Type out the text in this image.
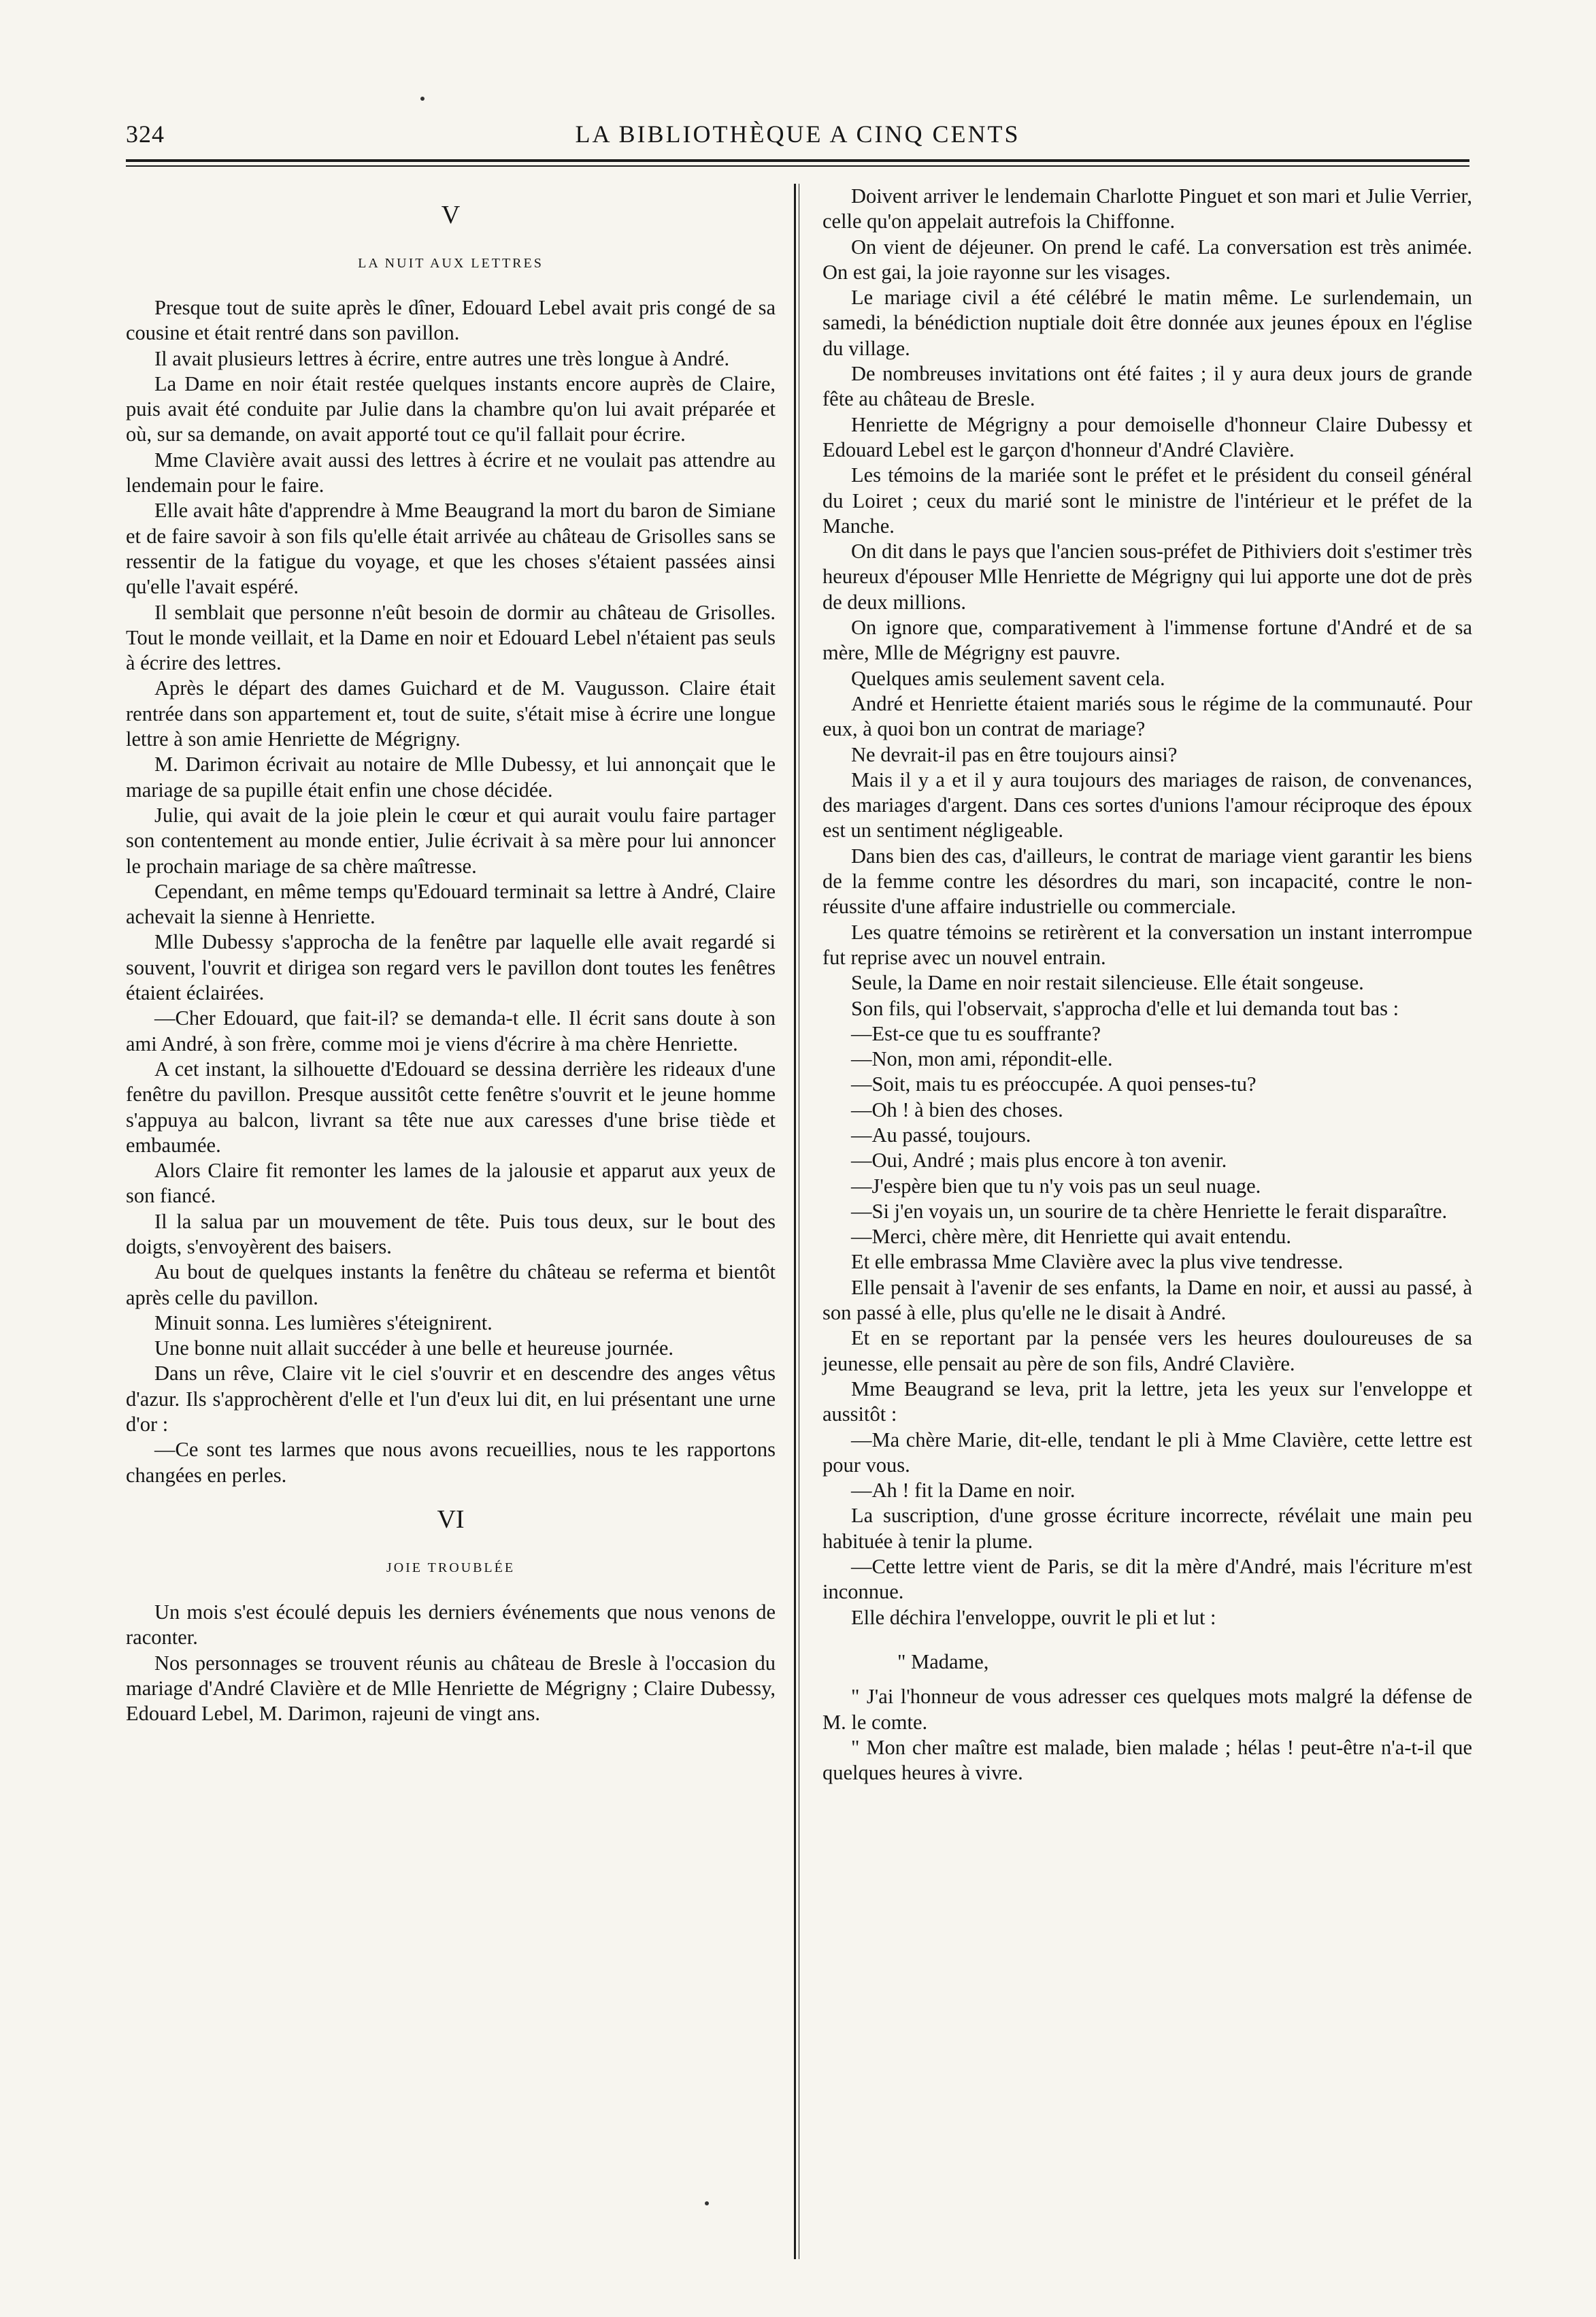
324	LA BIBLIOTHÈQUE A CINQ CENTS
V
LA NUIT AUX LETTRES

Presque tout de suite après le dîner, Edouard Lebel avait pris congé de sa cousine et était rentré dans son pavillon.

Il avait plusieurs lettres à écrire, entre autres une très longue à André.

La Dame en noir était restée quelques instants encore auprès de Claire, puis avait été conduite par Julie dans la chambre qu'on lui avait préparée et où, sur sa demande, on avait apporté tout ce qu'il fallait pour écrire.

Mme Clavière avait aussi des lettres à écrire et ne voulait pas attendre au lendemain pour le faire.

Elle avait hâte d'apprendre à Mme Beaugrand la mort du baron de Simiane et de faire savoir à son fils qu'elle était arrivée au château de Grisolles sans se ressentir de la fatigue du voyage, et que les choses s'étaient passées ainsi qu'elle l'avait espéré.

Il semblait que personne n'eût besoin de dormir au château de Grisolles. Tout le monde veillait, et la Dame en noir et Edouard Lebel n'étaient pas seuls à écrire des lettres.

Après le départ des dames Guichard et de M. Vaugusson. Claire était rentrée dans son appartement et, tout de suite, s'était mise à écrire une longue lettre à son amie Henriette de Mégrigny.

M. Darimon écrivait au notaire de Mlle Dubessy, et lui annonçait que le mariage de sa pupille était enfin une chose décidée.

Julie, qui avait de la joie plein le cœur et qui aurait voulu faire partager son contentement au monde entier, Julie écrivait à sa mère pour lui annoncer le prochain mariage de sa chère maîtresse.

Cependant, en même temps qu'Edouard terminait sa lettre à André, Claire achevait la sienne à Henriette.

Mlle Dubessy s'approcha de la fenêtre par laquelle elle avait regardé si souvent, l'ouvrit et dirigea son regard vers le pavillon dont toutes les fenêtres étaient éclairées.

—Cher Edouard, que fait-il? se demanda-t elle. Il écrit sans doute à son ami André, à son frère, comme moi je viens d'écrire à ma chère Henriette.

A cet instant, la silhouette d'Edouard se dessina derrière les rideaux d'une fenêtre du pavillon. Presque aussitôt cette fenêtre s'ouvrit et le jeune homme s'appuya au balcon, livrant sa tête nue aux caresses d'une brise tiède et embaumée.

Alors Claire fit remonter les lames de la jalousie et apparut aux yeux de son fiancé.

Il la salua par un mouvement de tête. Puis tous deux, sur le bout des doigts, s'envoyèrent des baisers.

Au bout de quelques instants la fenêtre du château se referma et bientôt après celle du pavillon.

Minuit sonna. Les lumières s'éteignirent.

Une bonne nuit allait succéder à une belle et heureuse journée.

Dans un rêve, Claire vit le ciel s'ouvrir et en descendre des anges vêtus d'azur. Ils s'approchèrent d'elle et l'un d'eux lui dit, en lui présentant une urne d'or :

—Ce sont tes larmes que nous avons recueillies, nous te les rapportons changées en perles.

VI
JOIE TROUBLÉE

Un mois s'est écoulé depuis les derniers événements que nous venons de raconter.

Nos personnages se trouvent réunis au château de Bresle à l'occasion du mariage d'André Clavière et de Mlle Henriette de Mégrigny ; Claire Dubessy, Edouard Lebel, M. Darimon, rajeuni de vingt ans.

Doivent arriver le lendemain Charlotte Pinguet et son mari et Julie Verrier, celle qu'on appelait autrefois la Chiffonne.

On vient de déjeuner. On prend le café. La conversation est très animée. On est gai, la joie rayonne sur les visages.

Le mariage civil a été célébré le matin même. Le surlendemain, un samedi, la bénédiction nuptiale doit être donnée aux jeunes époux en l'église du village.

De nombreuses invitations ont été faites ; il y aura deux jours de grande fête au château de Bresle.

Henriette de Mégrigny a pour demoiselle d'honneur Claire Dubessy et Edouard Lebel est le garçon d'honneur d'André Clavière.

Les témoins de la mariée sont le préfet et le président du conseil général du Loiret ; ceux du marié sont le ministre de l'intérieur et le préfet de la Manche.

On dit dans le pays que l'ancien sous-préfet de Pithiviers doit s'estimer très heureux d'épouser Mlle Henriette de Mégrigny qui lui apporte une dot de près de deux millions.

On ignore que, comparativement à l'immense fortune d'André et de sa mère, Mlle de Mégrigny est pauvre.

Quelques amis seulement savent cela.

André et Henriette étaient mariés sous le régime de la communauté. Pour eux, à quoi bon un contrat de mariage?

Ne devrait-il pas en être toujours ainsi?

Mais il y a et il y aura toujours des mariages de raison, de convenances, des mariages d'argent. Dans ces sortes d'unions l'amour réciproque des époux est un sentiment négligeable.

Dans bien des cas, d'ailleurs, le contrat de mariage vient garantir les biens de la femme contre les désordres du mari, son incapacité, contre le non-réussite d'une affaire industrielle ou commerciale.

Les quatre témoins se retirèrent et la conversation un instant interrompue fut reprise avec un nouvel entrain.

Seule, la Dame en noir restait silencieuse. Elle était songeuse.

Son fils, qui l'observait, s'approcha d'elle et lui demanda tout bas :

—Est-ce que tu es souffrante?

—Non, mon ami, répondit-elle.

—Soit, mais tu es préoccupée. A quoi penses-tu?

—Oh ! à bien des choses.

—Au passé, toujours.

—Oui, André ; mais plus encore à ton avenir.

—J'espère bien que tu n'y vois pas un seul nuage.

—Si j'en voyais un, un sourire de ta chère Henriette le ferait disparaître.

—Merci, chère mère, dit Henriette qui avait entendu.

Et elle embrassa Mme Clavière avec la plus vive tendresse.

Elle pensait à l'avenir de ses enfants, la Dame en noir, et aussi au passé, à son passé à elle, plus qu'elle ne le disait à André.

Et en se reportant par la pensée vers les heures douloureuses de sa jeunesse, elle pensait au père de son fils, André Clavière.

Mme Beaugrand se leva, prit la lettre, jeta les yeux sur l'enveloppe et aussitôt :

—Ma chère Marie, dit-elle, tendant le pli à Mme Clavière, cette lettre est pour vous.

—Ah ! fit la Dame en noir.

La suscription, d'une grosse écriture incorrecte, révélait une main peu habituée à tenir la plume.

—Cette lettre vient de Paris, se dit la mère d'André, mais l'écriture m'est inconnue.

Elle déchira l'enveloppe, ouvrit le pli et lut :

" Madame,

" J'ai l'honneur de vous adresser ces quelques mots malgré la défense de M. le comte.

" Mon cher maître est malade, bien malade ; hélas ! peut-être n'a-t-il que quelques heures à vivre.
